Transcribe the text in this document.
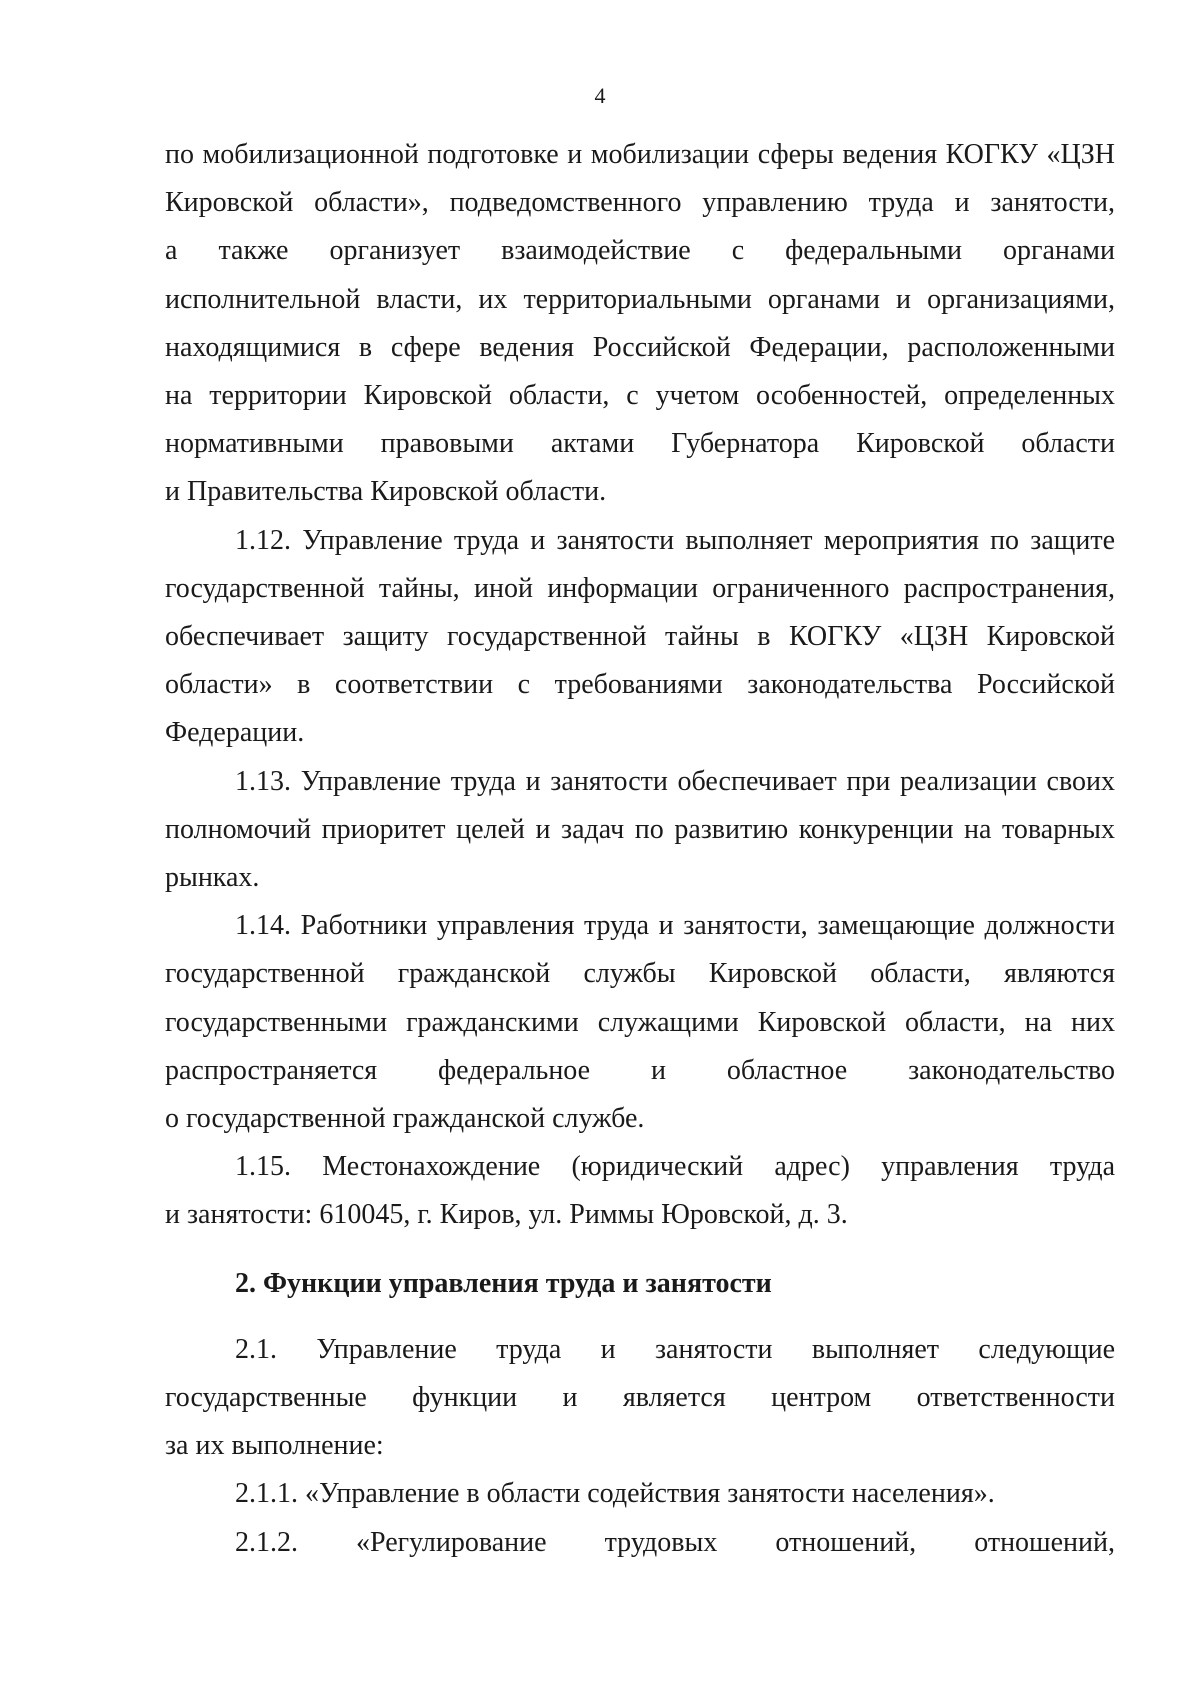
4

по мобилизационной подготовке и мобилизации сферы ведения КОГКУ «ЦЗН
Кировской области», подведомственного управлению труда и занятости,
а также организует взаимодействие с федеральными органами
исполнительной власти, их территориальными органами и организациями,
находящимися в сфере ведения Российской Федерации, расположенными
на территории Кировской области, с учетом особенностей, определенных
нормативными правовыми актами Губернатора Кировской области
и Правительства Кировской области.

1.12. Управление труда и занятости выполняет мероприятия по защите
государственной тайны, иной информации ограниченного распространения,
обеспечивает защиту государственной тайны в КОГКУ «ЦЗН Кировской
области» в соответствии с требованиями законодательства Российской
Федерации.

1.13. Управление труда и занятости обеспечивает при реализации своих
полномочий приоритет целей и задач по развитию конкуренции на товарных
рынках.

1.14. Работники управления труда и занятости, замещающие должности
государственной гражданской службы Кировской области, являются
государственными гражданскими служащими Кировской области, на них
распространяется федеральное и областное законодательство
о государственной гражданской службе.

1.15. Местонахождение (юридический адрес) управления труда
и занятости: 610045, г. Киров, ул. Риммы Юровской, д. 3.

2. Функции управления труда и занятости

2.1. Управление труда и занятости выполняет следующие
государственные функции и является центром ответственности
за их выполнение:

2.1.1. «Управление в области содействия занятости населения».

2.1.2. «Регулирование трудовых отношений, отношений,
